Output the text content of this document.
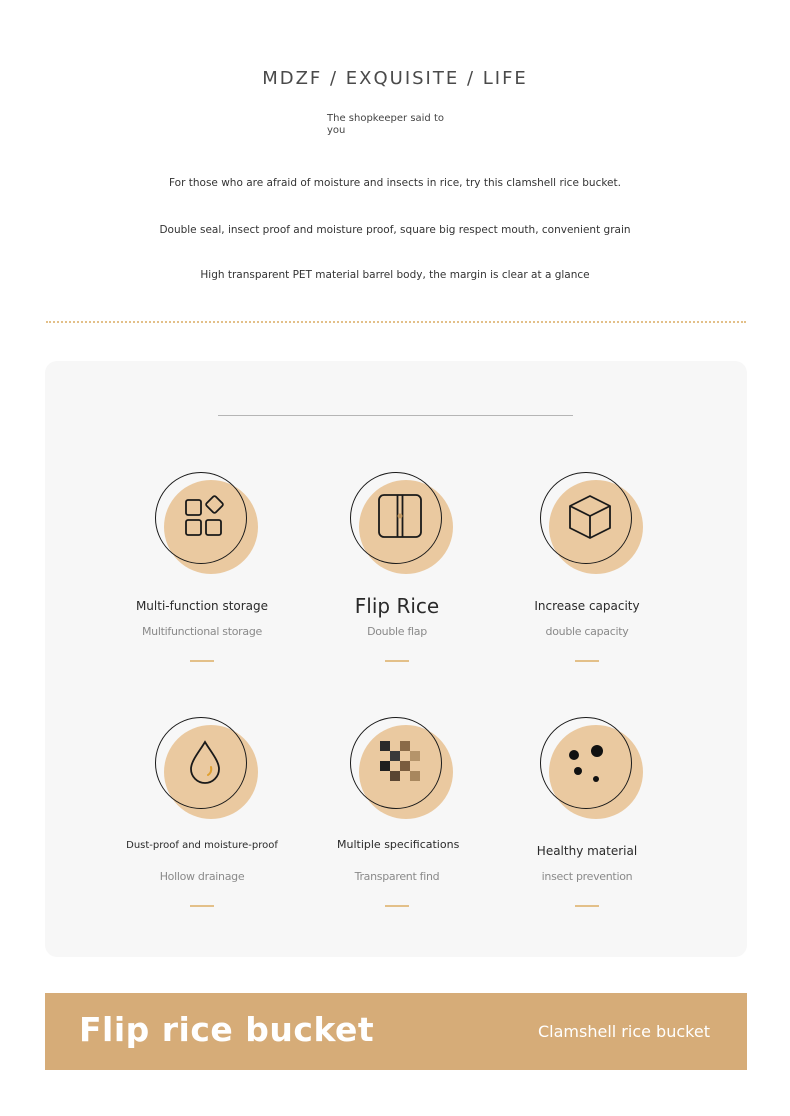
MDZF / EXQUISITE / LIFE
The shopkeeper said to you
For those who are afraid of moisture and insects in rice, try this clamshell rice bucket.
Double seal, insect proof and moisture proof, square big respect mouth, convenient grain
High transparent PET material barrel body, the margin is clear at a glance
Multi-function storage
Multifunctional storage
Flip Rice
Double flap
Increase capacity
double capacity
Dust-proof and moisture-proof
Hollow drainage
Multiple specifications
Transparent find
Healthy material
insect prevention
Flip rice bucket	Clamshell rice bucket
